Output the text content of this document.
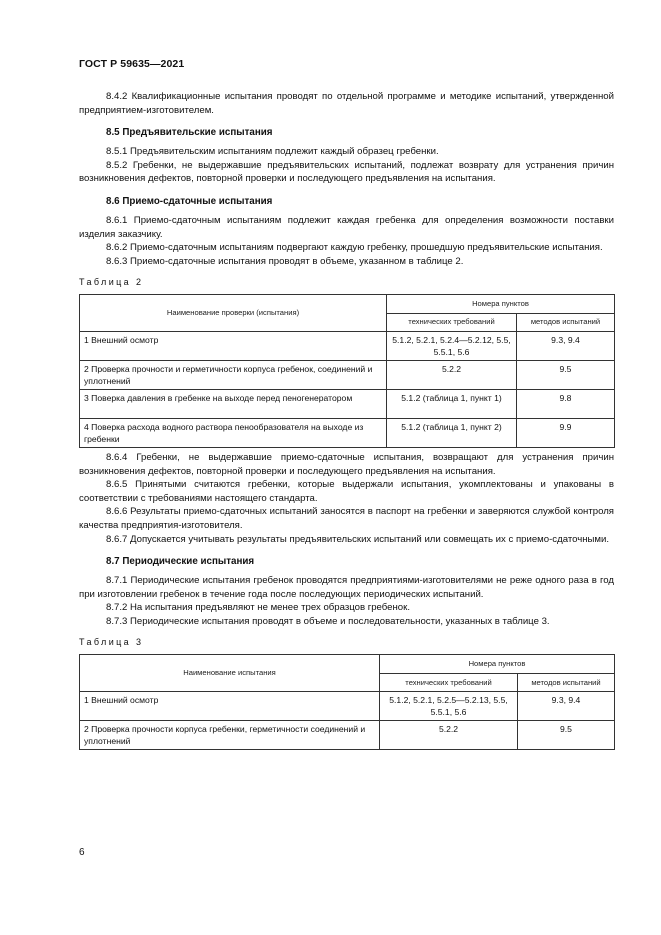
ГОСТ Р 59635—2021

8.4.2 Квалификационные испытания проводят по отдельной программе и методике испытаний, утвержденной предприятием-изготовителем.

8.5 Предъявительские испытания

8.5.1 Предъявительским испытаниям подлежит каждый образец гребенки.

8.5.2 Гребенки, не выдержавшие предъявительских испытаний, подлежат возврату для устранения причин возникновения дефектов, повторной проверки и последующего предъявления на испытания.

8.6 Приемо-сдаточные испытания

8.6.1 Приемо-сдаточным испытаниям подлежит каждая гребенка для определения возможности поставки изделия заказчику.

8.6.2 Приемо-сдаточным испытаниям подвергают каждую гребенку, прошедшую предъявительские испытания.

8.6.3 Приемо-сдаточные испытания проводят в объеме, указанном в таблице 2.

Таблица 2
Наименование проверки (испытания)	Номера пунктов	
	технических требований	методов испытаний
1 Внешний осмотр	5.1.2, 5.2.1, 5.2.4—5.2.12, 5.5, 5.5.1, 5.6	9.3, 9.4
2 Проверка прочности и герметичности корпуса гребенок, соединений и уплотнений	5.2.2	9.5
3 Поверка давления в гребенке на выходе перед пеногенератором	5.1.2 (таблица 1, пункт 1)	9.8
4 Поверка расхода водного раствора пенообразователя на выходе из гребенки	5.1.2 (таблица 1, пункт 2)	9.9

8.6.4 Гребенки, не выдержавшие приемо-сдаточные испытания, возвращают для устранения причин возникновения дефектов, повторной проверки и последующего предъявления на испытания.

8.6.5 Принятыми считаются гребенки, которые выдержали испытания, укомплектованы и упакованы в соответствии с требованиями настоящего стандарта.

8.6.6 Результаты приемо-сдаточных испытаний заносятся в паспорт на гребенки и заверяются службой контроля качества предприятия-изготовителя.

8.6.7 Допускается учитывать результаты предъявительских испытаний или совмещать их с приемо-сдаточными.

8.7 Периодические испытания

8.7.1 Периодические испытания гребенок проводятся предприятиями-изготовителями не реже одного раза в год при изготовлении гребенок в течение года после последующих периодических испытаний.

8.7.2 На испытания предъявляют не менее трех образцов гребенок.

8.7.3 Периодические испытания проводят в объеме и последовательности, указанных в таблице 3.

Таблица 3
Наименование испытания	Номера пунктов	
	технических требований	методов испытаний
1 Внешний осмотр	5.1.2, 5.2.1, 5.2.5—5.2.13, 5.5, 5.5.1, 5.6	9.3, 9.4
2 Проверка прочности корпуса гребенки, герметичности соединений и уплотнений	5.2.2	9.5
6
